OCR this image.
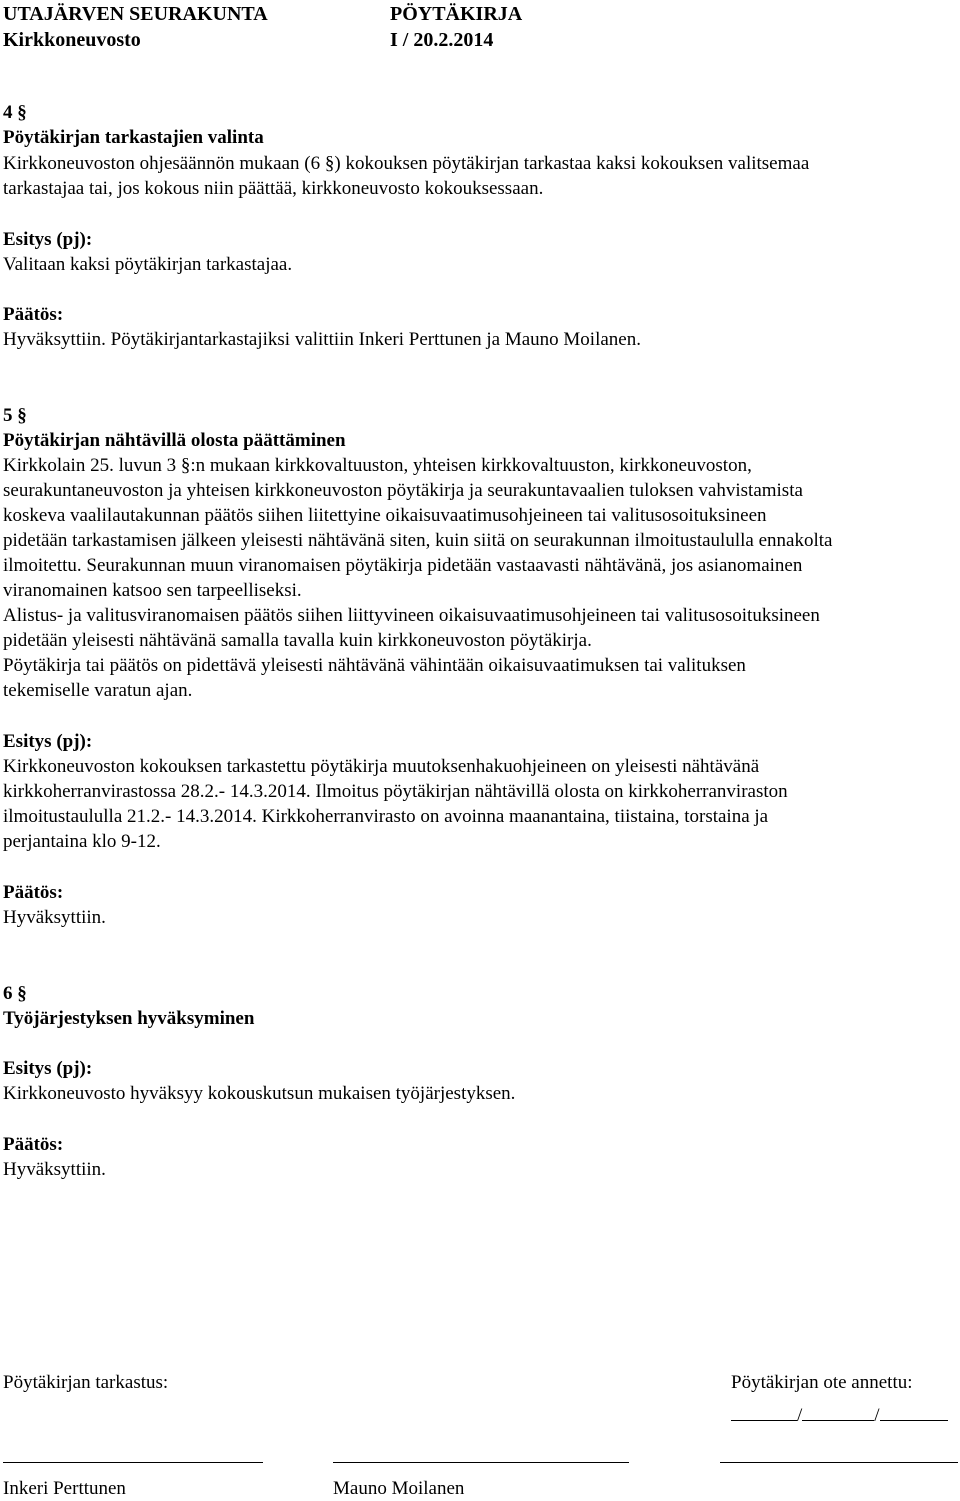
UTAJÄRVEN SEURAKUNTA	PÖYTÄKIRJA
Kirkkoneuvosto	I / 20.2.2014
4 §
Pöytäkirjan tarkastajien valinta
Kirkkoneuvoston ohjesäännön mukaan (6 §) kokouksen pöytäkirjan tarkastaa kaksi kokouksen valitsemaa
tarkastajaa tai, jos kokous niin päättää, kirkkoneuvosto kokouksessaan.
Esitys (pj):
Valitaan kaksi pöytäkirjan tarkastajaa.
Päätös:
Hyväksyttiin. Pöytäkirjantarkastajiksi valittiin Inkeri Perttunen ja Mauno Moilanen.
5 §
Pöytäkirjan nähtävillä olosta päättäminen
Kirkkolain 25. luvun 3 §:n mukaan kirkkovaltuuston, yhteisen kirkkovaltuuston, kirkkoneuvoston,
seurakuntaneuvoston ja yhteisen kirkkoneuvoston pöytäkirja ja seurakuntavaalien tuloksen vahvistamista
koskeva vaalilautakunnan päätös siihen liitettyine oikaisuvaatimusohjeineen tai valitusosoituksineen
pidetään tarkastamisen jälkeen yleisesti nähtävänä siten, kuin siitä on seurakunnan ilmoitustaululla ennakolta
ilmoitettu. Seurakunnan muun viranomaisen pöytäkirja pidetään vastaavasti nähtävänä, jos asianomainen
viranomainen katsoo sen tarpeelliseksi.
Alistus- ja valitusviranomaisen päätös siihen liittyvineen oikaisuvaatimusohjeineen tai valitusosoituksineen
pidetään yleisesti nähtävänä samalla tavalla kuin kirkkoneuvoston pöytäkirja.
Pöytäkirja tai päätös on pidettävä yleisesti nähtävänä vähintään oikaisuvaatimuksen tai valituksen
tekemiselle varatun ajan.
Esitys (pj):
Kirkkoneuvoston kokouksen tarkastettu pöytäkirja muutoksenhakuohjeineen on yleisesti nähtävänä
kirkkoherranvirastossa 28.2.- 14.3.2014. Ilmoitus pöytäkirjan nähtävillä olosta on kirkkoherranviraston
ilmoitustaululla 21.2.- 14.3.2014. Kirkkoherranvirasto on avoinna maanantaina, tiistaina, torstaina ja
perjantaina klo 9-12.
Päätös:
Hyväksyttiin.
6 §
Työjärjestyksen hyväksyminen
Esitys (pj):
Kirkkoneuvosto hyväksyy kokouskutsun mukaisen työjärjestyksen.
Päätös:
Hyväksyttiin.
Pöytäkirjan tarkastus:	Pöytäkirjan ote annettu:
/	/
Inkeri Perttunen	Mauno Moilanen
